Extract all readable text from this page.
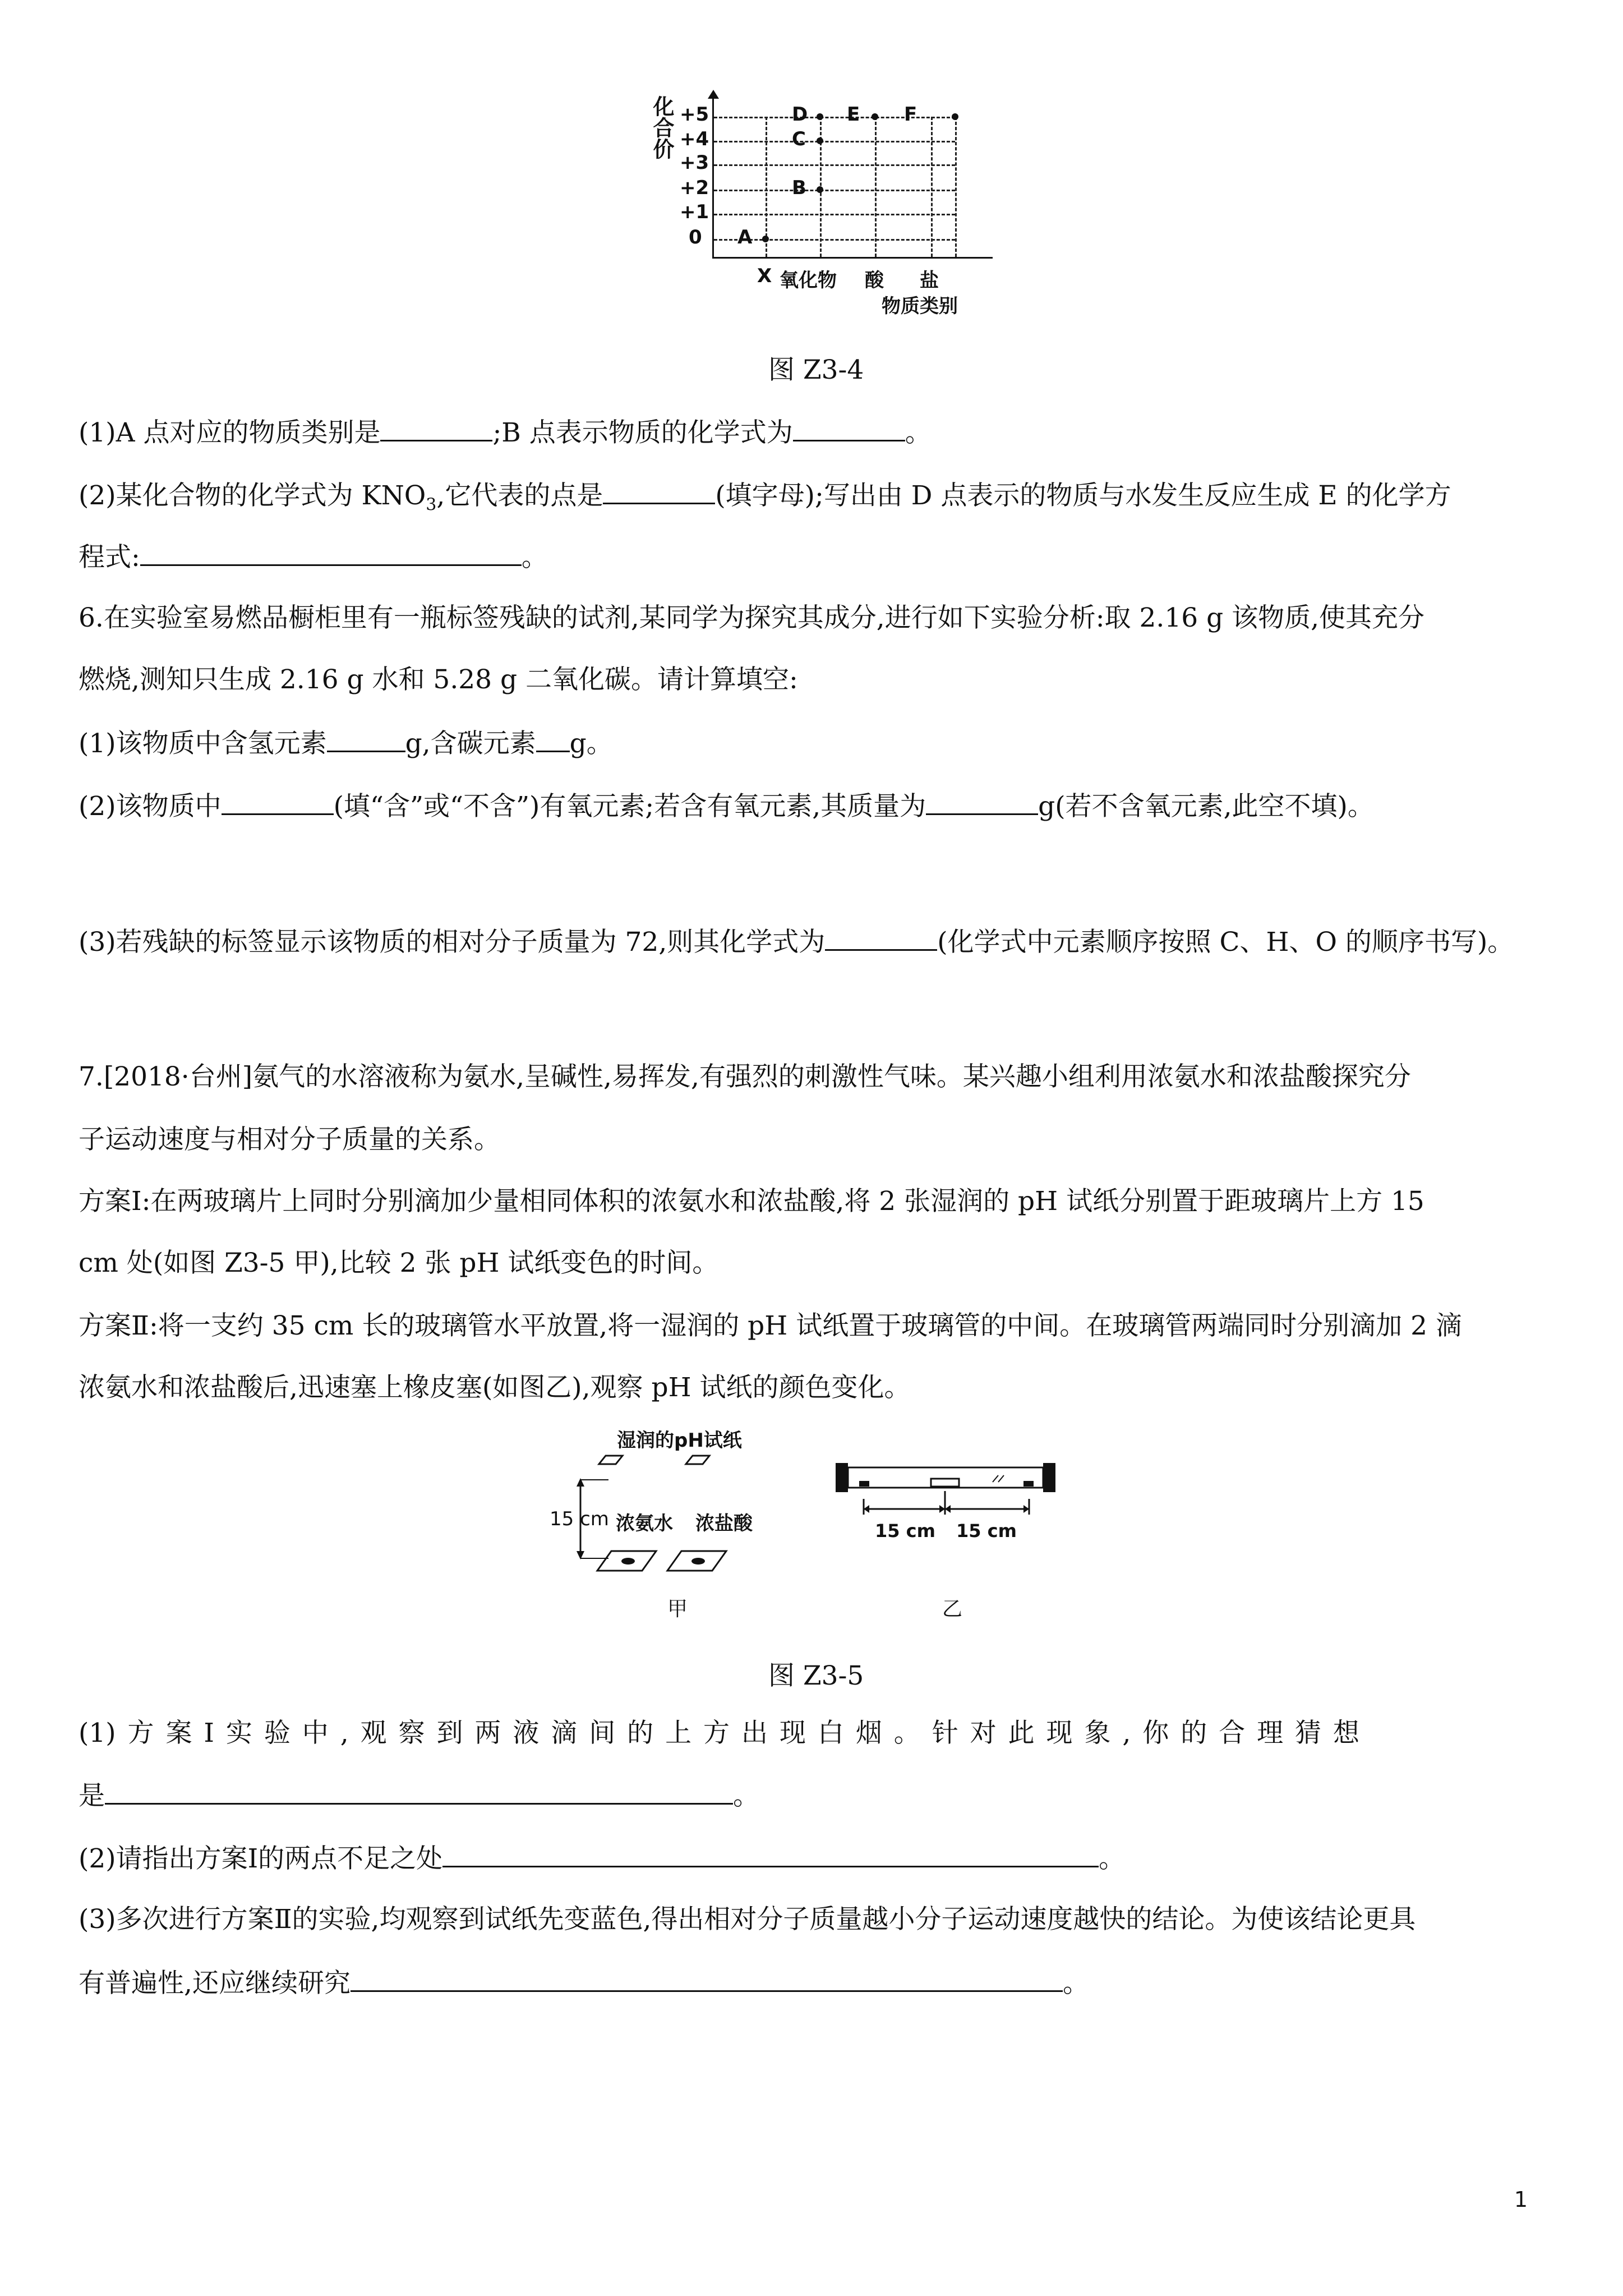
化合价 +5
+4
+3
+2
+1
0
D E F
C
B
A
X 氧化物 酸 盐
物质类别
图 Z3-4
(1)A 点对应的物质类别是	;B 点表示物质的化学式为	。
(2)某化合物的化学式为 $KNO_3$,它代表的点是	(填字母);写出由 D 点表示的物质与水发生反应生成 E 的化学方
程式:	。
6.在实验室易燃品橱柜里有一瓶标签残缺的试剂,某同学为探究其成分,进行如下实验分析:取 2.16 g 该物质,使其充分
燃烧,测知只生成 2.16 g 水和 5.28 g 二氧化碳。请计算填空:
(1)该物质中含氢元素	g,含碳元素 g。
(2)该物质中	(填“含”或“不含”)有氧元素;若含有氧元素,其质量为	g(若不含氧元素,此空不填)。
(3)若残缺的标签显示该物质的相对分子质量为 72,则其化学式为	(化学式中元素顺序按照 C、H、O 的顺序书写)。
7.[2018·台州]氨气的水溶液称为氨水,呈碱性,易挥发,有强烈的刺激性气味。某兴趣小组利用浓氨水和浓盐酸探究分
子运动速度与相对分子质量的关系。
方案Ⅰ:在两玻璃片上同时分别滴加少量相同体积的浓氨水和浓盐酸,将 2 张湿润的 pH 试纸分别置于距玻璃片上方 15
cm 处(如图 Z3-5 甲),比较 2 张 pH 试纸变色的时间。
方案Ⅱ:将一支约 35 cm 长的玻璃管水平放置,将一湿润的 pH 试纸置于玻璃管的中间。在玻璃管两端同时分别滴加 2 滴
浓氨水和浓盐酸后,迅速塞上橡皮塞(如图乙),观察 pH 试纸的颜色变化。
湿润的pH试纸
15 cm 浓氨水 浓盐酸
甲
15 cm 15 cm
乙
图 Z3-5
(1) 方 案 Ⅰ 实 验 中 , 观 察 到 两 液 滴 间 的 上 方 出 现 白 烟 。 针 对 此 现 象 , 你 的 合 理 猜 想
是	。
(2)请指出方案Ⅰ的两点不足之处	。
(3)多次进行方案Ⅱ的实验,均观察到试纸先变蓝色,得出相对分子质量越小分子运动速度越快的结论。为使该结论更具
有普遍性,还应继续研究	。
1
